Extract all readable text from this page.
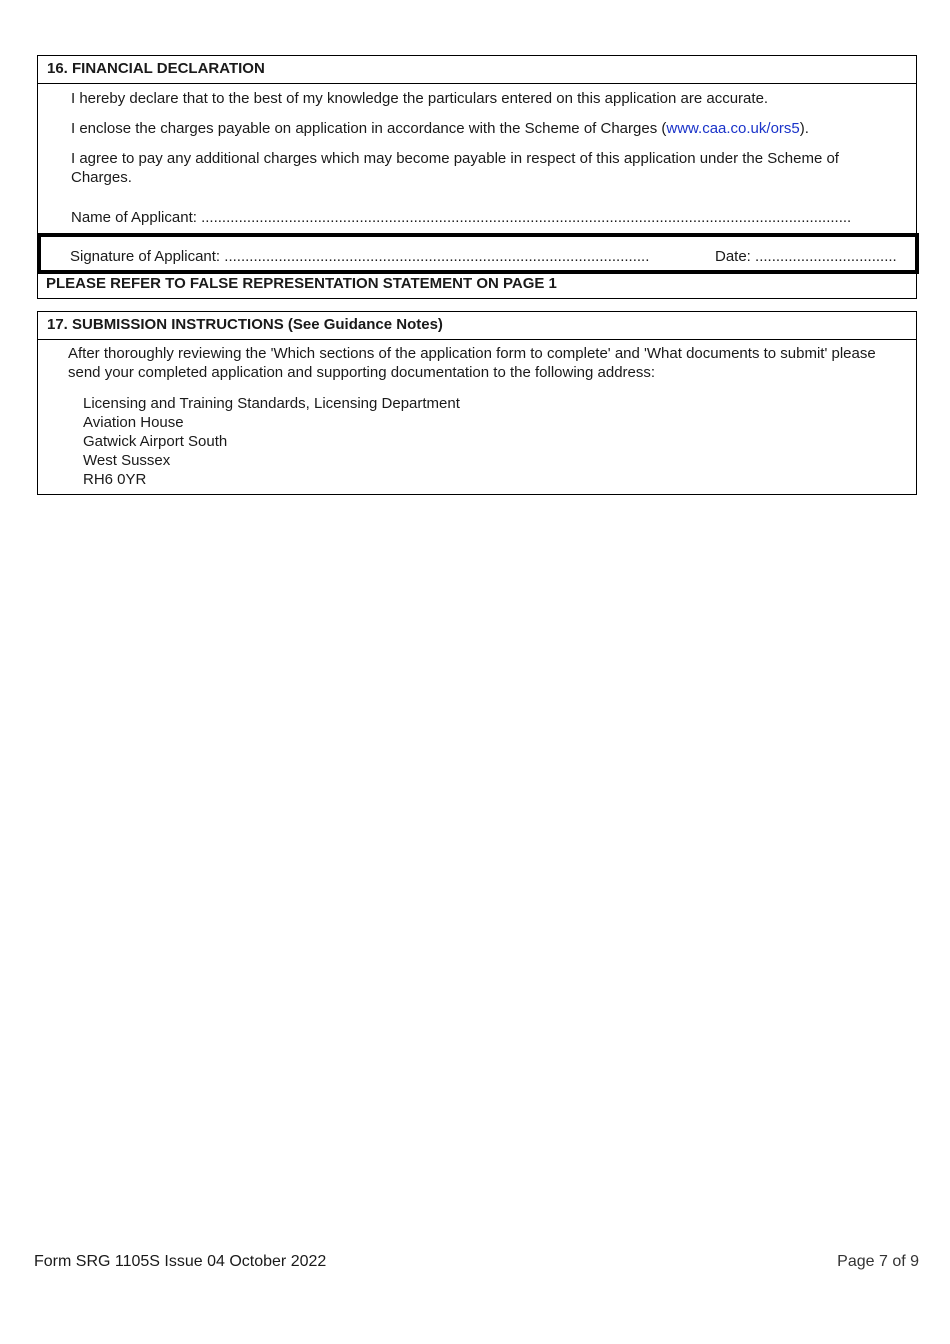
16. FINANCIAL DECLARATION
I hereby declare that to the best of my knowledge the particulars entered on this application are accurate.
I enclose the charges payable on application in accordance with the Scheme of Charges (www.caa.co.uk/ors5).
I agree to pay any additional charges which may become payable in respect of this application under the Scheme of Charges.
Name of Applicant: ............................................................................................................................................................
PLEASE REFER TO FALSE REPRESENTATION STATEMENT ON PAGE 1
Signature of Applicant: ......................................................................................................	Date: ..................................
17. SUBMISSION INSTRUCTIONS (See Guidance Notes)
After thoroughly reviewing the 'Which sections of the application form to complete' and 'What documents to submit' please send your completed application and supporting documentation to the following address:
Licensing and Training Standards, Licensing Department
Aviation House
Gatwick Airport South
West Sussex
RH6 0YR
Form SRG 1105S Issue 04 October 2022	Page 7 of 9
